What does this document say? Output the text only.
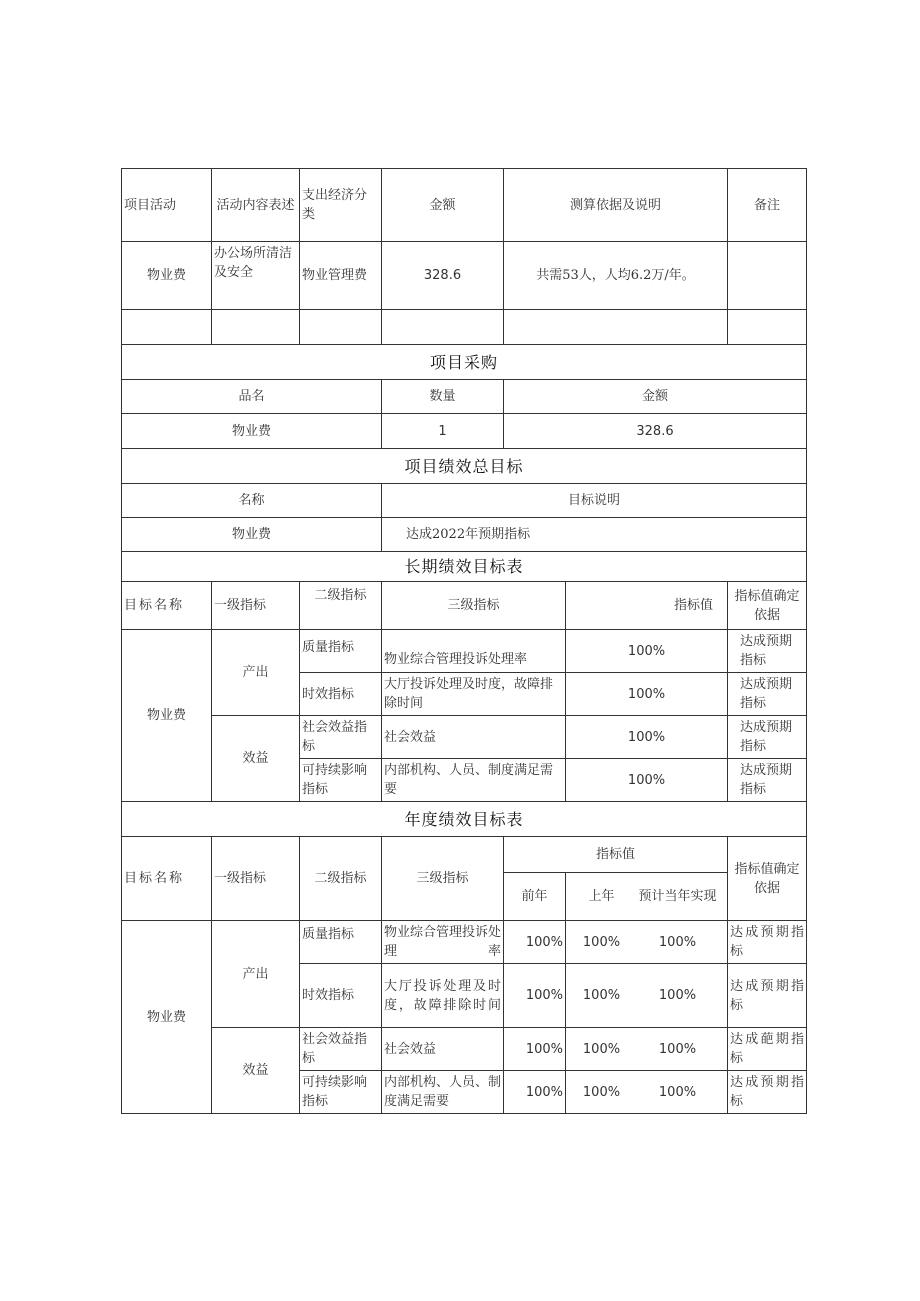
项目活动	活动内容表述	支出经济分类	金额	测算依据及说明		备注
物业费	办公场所清洁及安全	物业管理费	328.6	共需53人，人均6.2万/年。		

项目采购						
品名			数量	金额		
物业费			1	328.6		
项目绩效总目标						
名称			目标说明			
物业费			达成2022年预期指标			
长期绩效目标表						
目标名称	一级指标	二级指标	三级指标		指标值	指标值确定依据
物业费	产出	质量指标	物业综合管理投诉处理率		100%	达成预期指标
		时效指标	大厅投诉处理及时度，故障排除时间		100%	达成预期指标
	效益	社会效益指标	社会效益		100%	达成预期指标
		可持续影响指标	内部机构、人员、制度满足需要		100%	达成预期指标
年度绩效目标表						
目标名称	一级指标	二级指标	三级指标	指标值		指标值确定依据
				前年	上年 预计当年实现	
物业费	产出	质量指标	物业综合管理投诉处理率	100%	100% 100%	达成预期指标
		时效指标	大厅投诉处理及时度，故障排除时间	100%	100% 100%	达成预期指标
	效益	社会效益指标	社会效益	100%	100% 100%	达成葩期指标
		可持续影响指标	内部机构、人员、制度满足需要	100%	100% 100%	达成预期指标
